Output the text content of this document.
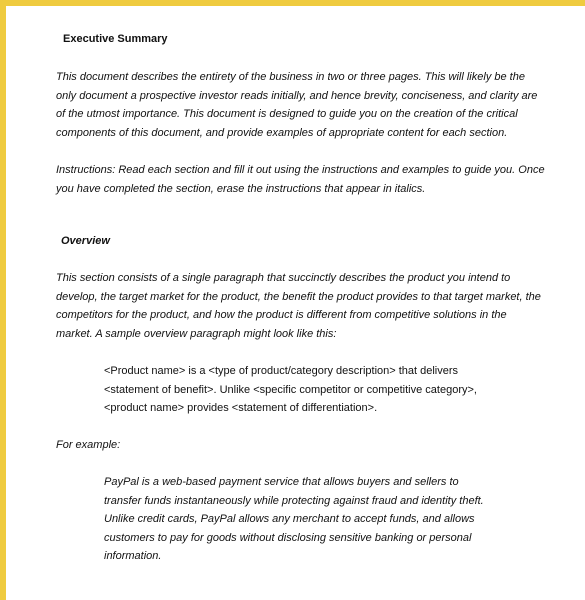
Executive Summary

This document describes the entirety of the business in two or three pages. This will likely be the
only document a prospective investor reads initially, and hence brevity, conciseness, and clarity are
of the utmost importance. This document is designed to guide you on the creation of the critical
components of this document, and provide examples of appropriate content for each section.

Instructions: Read each section and fill it out using the instructions and examples to guide you. Once
you have completed the section, erase the instructions that appear in italics.

Overview

This section consists of a single paragraph that succinctly describes the product you intend to
develop, the target market for the product, the benefit the product provides to that target market, the
competitors for the product, and how the product is different from competitive solutions in the
market. A sample overview paragraph might look like this:

<Product name> is a <type of product/category description> that delivers
<statement of benefit>. Unlike <specific competitor or competitive category>,
<product name> provides <statement of differentiation>.

For example:

PayPal is a web-based payment service that allows buyers and sellers to
transfer funds instantaneously while protecting against fraud and identity theft.
Unlike credit cards, PayPal allows any merchant to accept funds, and allows
customers to pay for goods without disclosing sensitive banking or personal
information.
